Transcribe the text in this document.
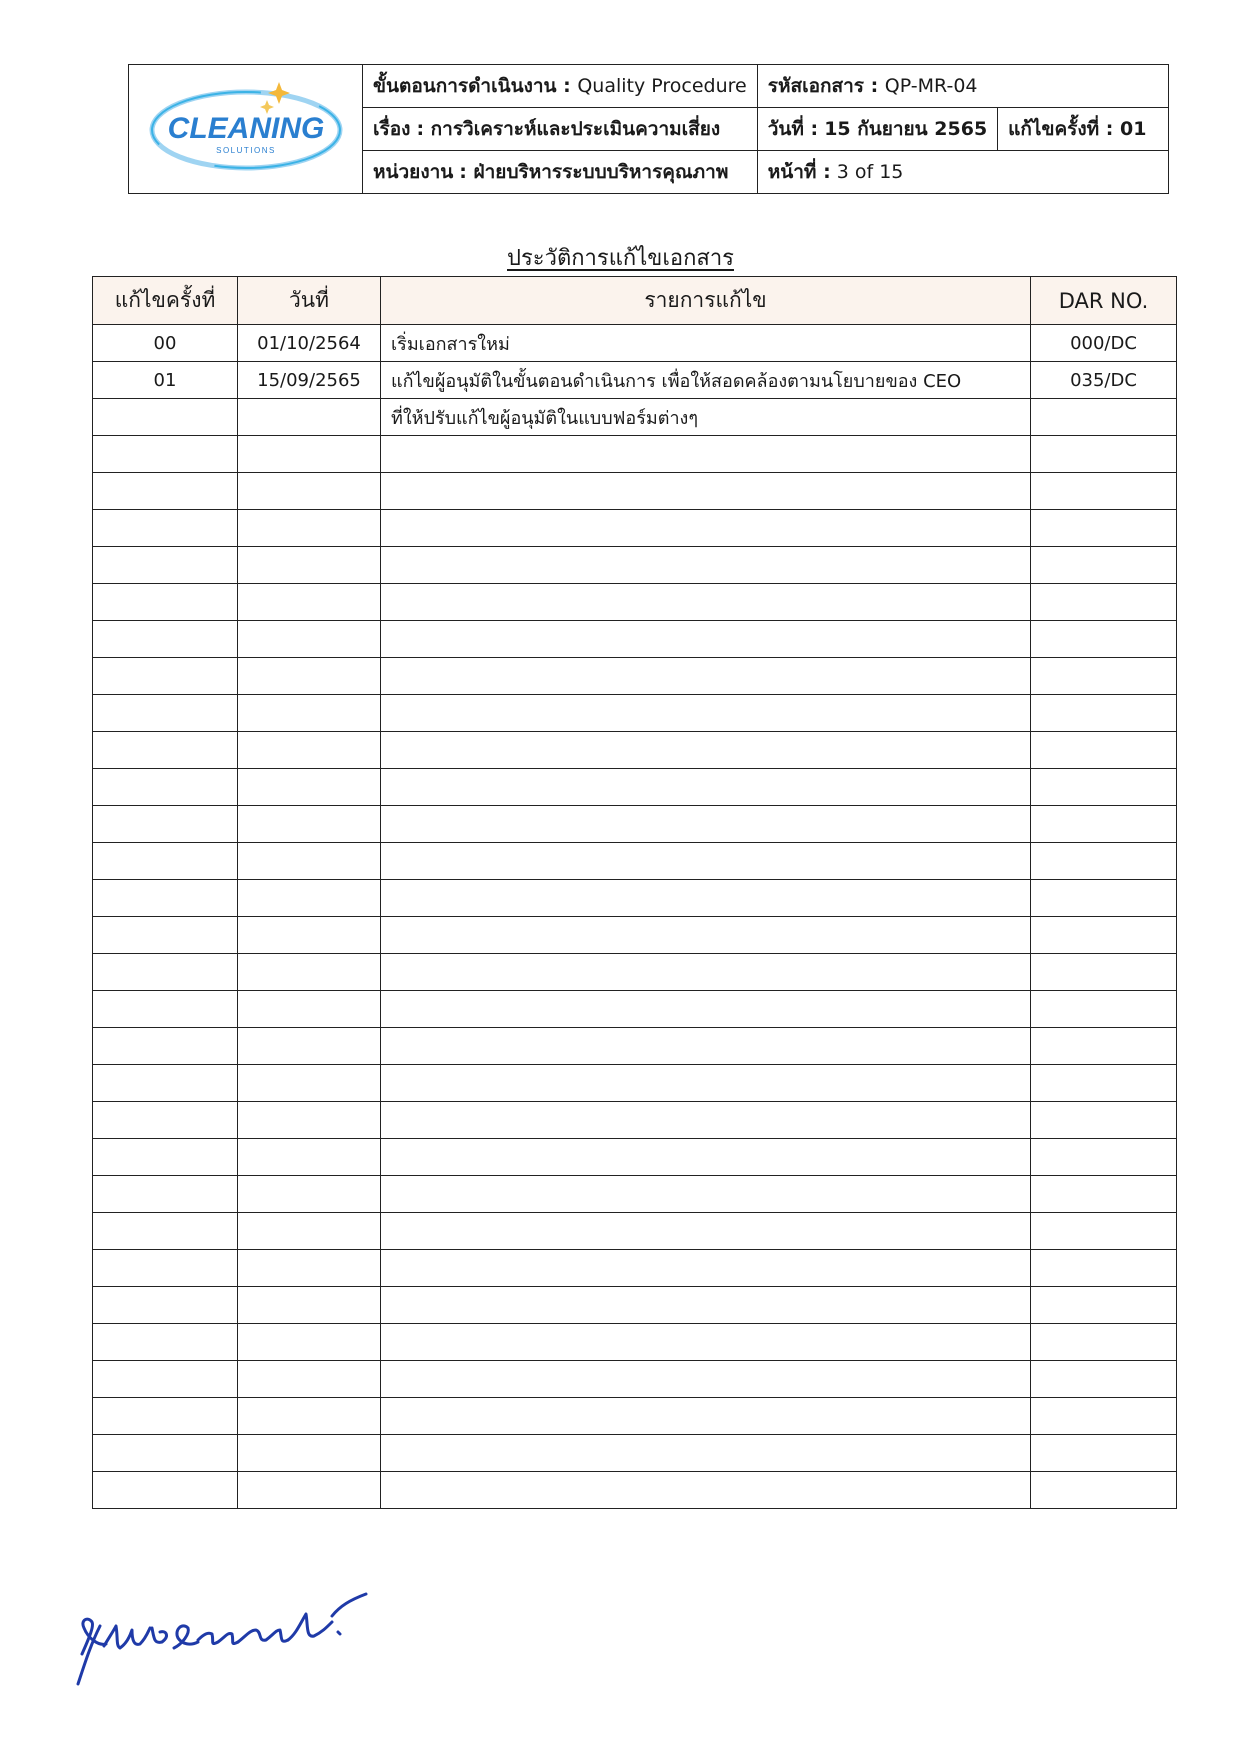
CLEANING
SOLUTIONS	ขั้นตอนการดำเนินงาน : Quality Procedure	รหัสเอกสาร : QP-MR-04	
	เรื่อง : การวิเคราะห์และประเมินความเสี่ยง	วันที่ : 15 กันยายน 2565	แก้ไขครั้งที่ : 01
	หน่วยงาน : ฝ่ายบริหารระบบบริหารคุณภาพ	หน้าที่ : 3 of 15	
ประวัติการแก้ไขเอกสาร
แก้ไขครั้งที่	วันที่	รายการแก้ไข	DAR NO.
00	01/10/2564	เริ่มเอกสารใหม่	000/DC
01	15/09/2565	แก้ไขผู้อนุมัติในขั้นตอนดำเนินการ เพื่อให้สอดคล้องตามนโยบายของ CEO	035/DC
		ที่ให้ปรับแก้ไขผู้อนุมัติในแบบฟอร์มต่างๆ	
